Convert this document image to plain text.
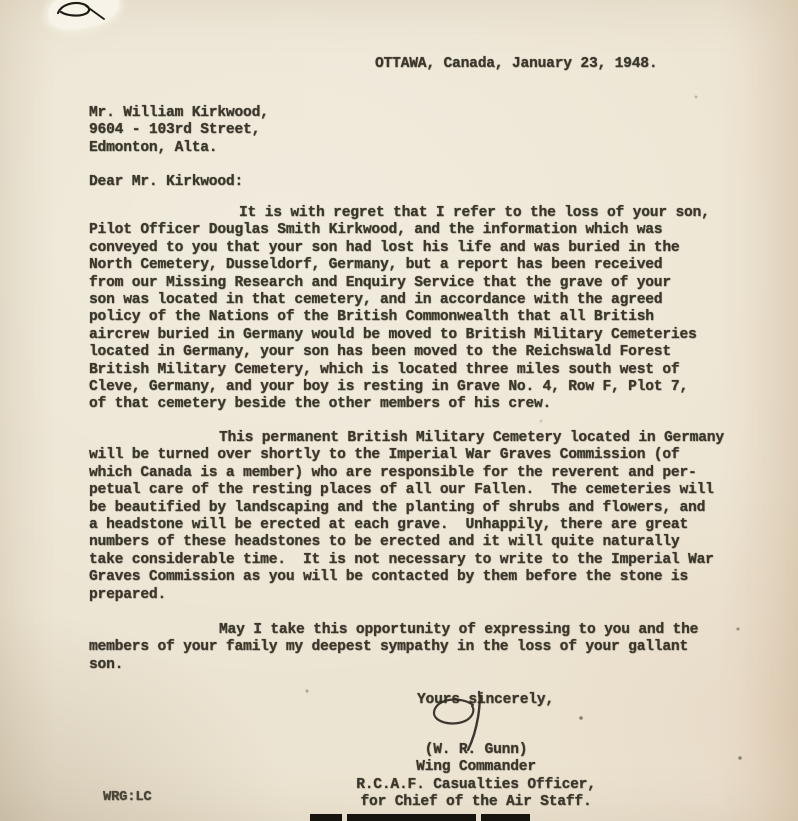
OTTAWA, Canada, January 23, 1948.
Mr. William Kirkwood,
9604 - 103rd Street,
Edmonton, Alta.
Dear Mr. Kirkwood:
It is with regret that I refer to the loss of your son,
Pilot Officer Douglas Smith Kirkwood, and the information which was
conveyed to you that your son had lost his life and was buried in the
North Cemetery, Dusseldorf, Germany, but a report has been received
from our Missing Research and Enquiry Service that the grave of your
son was located in that cemetery, and in accordance with the agreed
policy of the Nations of the British Commonwealth that all British
aircrew buried in Germany would be moved to British Military Cemeteries
located in Germany, your son has been moved to the Reichswald Forest
British Military Cemetery, which is located three miles south west of
Cleve, Germany, and your boy is resting in Grave No. 4, Row F, Plot 7,
of that cemetery beside the other members of his crew.
This permanent British Military Cemetery located in Germany
will be turned over shortly to the Imperial War Graves Commission (of
which Canada is a member) who are responsible for the reverent and per-
petual care of the resting places of all our Fallen.  The cemeteries will
be beautified by landscaping and the planting of shrubs and flowers, and
a headstone will be erected at each grave.  Unhappily, there are great
numbers of these headstones to be erected and it will quite naturally
take considerable time.  It is not necessary to write to the Imperial War
Graves Commission as you will be contacted by them before the stone is
prepared.
May I take this opportunity of expressing to you and the
members of your family my deepest sympathy in the loss of your gallant
son.
Yours sincerely,
(W. R. Gunn)
Wing Commander
R.C.A.F. Casualties Officer,
for Chief of the Air Staff.
WRG:LC
